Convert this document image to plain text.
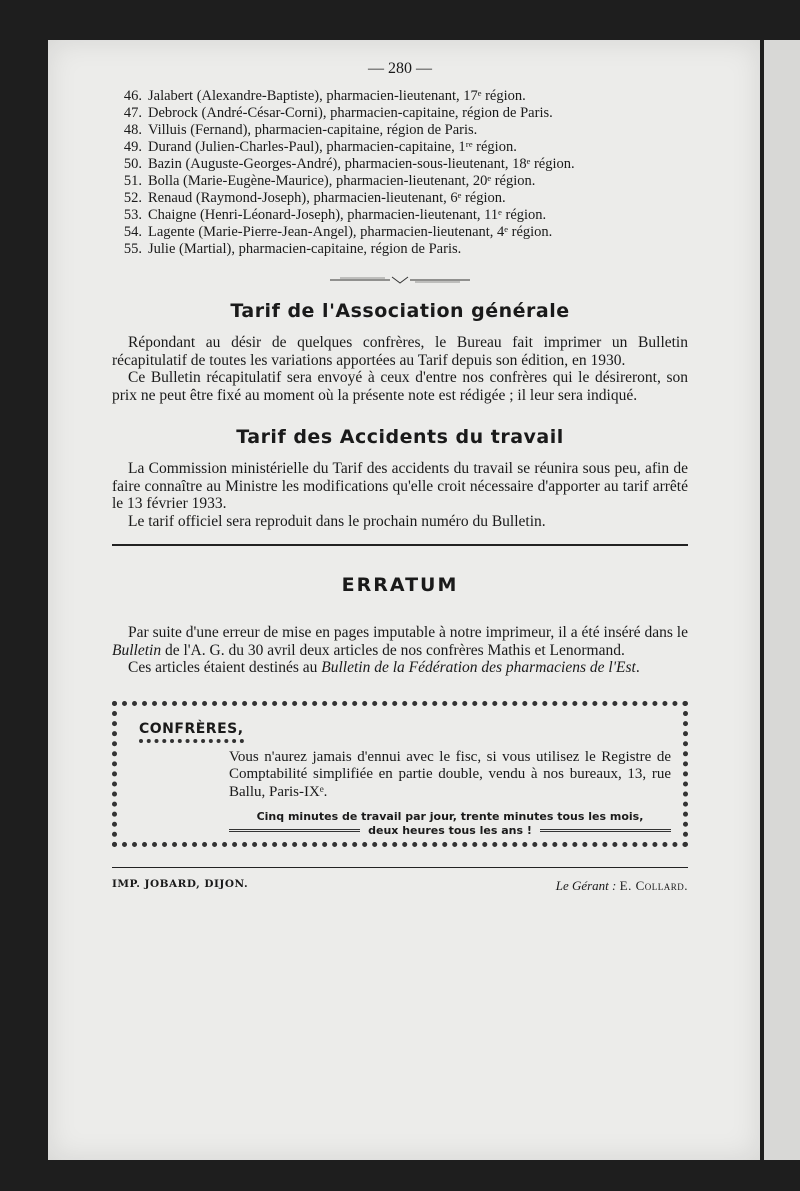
— 280 —
46. Jalabert (Alexandre-Baptiste), pharmacien-lieutenant, 17ᵉ région.
47. Debrock (André-César-Corni), pharmacien-capitaine, région de Paris.
48. Villuis (Fernand), pharmacien-capitaine, région de Paris.
49. Durand (Julien-Charles-Paul), pharmacien-capitaine, 1ʳᵉ région.
50. Bazin (Auguste-Georges-André), pharmacien-sous-lieutenant, 18ᵉ région.
51. Bolla (Marie-Eugène-Maurice), pharmacien-lieutenant, 20ᵉ région.
52. Renaud (Raymond-Joseph), pharmacien-lieutenant, 6ᵉ région.
53. Chaigne (Henri-Léonard-Joseph), pharmacien-lieutenant, 11ᵉ région.
54. Lagente (Marie-Pierre-Jean-Angel), pharmacien-lieutenant, 4ᵉ région.
55. Julie (Martial), pharmacien-capitaine, région de Paris.
Tarif de l'Association générale

Répondant au désir de quelques confrères, le Bureau fait imprimer un Bulletin récapitulatif de toutes les variations apportées au Tarif depuis son édition, en 1930.

Ce Bulletin récapitulatif sera envoyé à ceux d'entre nos confrères qui le désireront, son prix ne peut être fixé au moment où la présente note est rédigée ; il leur sera indiqué.

Tarif des Accidents du travail

La Commission ministérielle du Tarif des accidents du travail se réunira sous peu, afin de faire connaître au Ministre les modifications qu'elle croit nécessaire d'apporter au tarif arrêté le 13 février 1933.

Le tarif officiel sera reproduit dans le prochain numéro du Bulletin.

ERRATUM

Par suite d'une erreur de mise en pages imputable à notre imprimeur, il a été inséré dans le Bulletin de l'A. G. du 30 avril deux articles de nos confrères Mathis et Lenormand.

Ces articles étaient destinés au Bulletin de la Fédération des pharmaciens de l'Est.

CONFRÈRES,
Vous n'aurez jamais d'ennui avec le fisc, si vous utilisez le Registre de Comptabilité simplifiée en partie double, vendu à nos bureaux, 13, rue Ballu, Paris-IXᵉ.
Cinq minutes de travail par jour, trente minutes tous les mois,
deux heures tous les ans !
IMP. JOBARD, DIJON.	Le Gérant : E. Collard.
